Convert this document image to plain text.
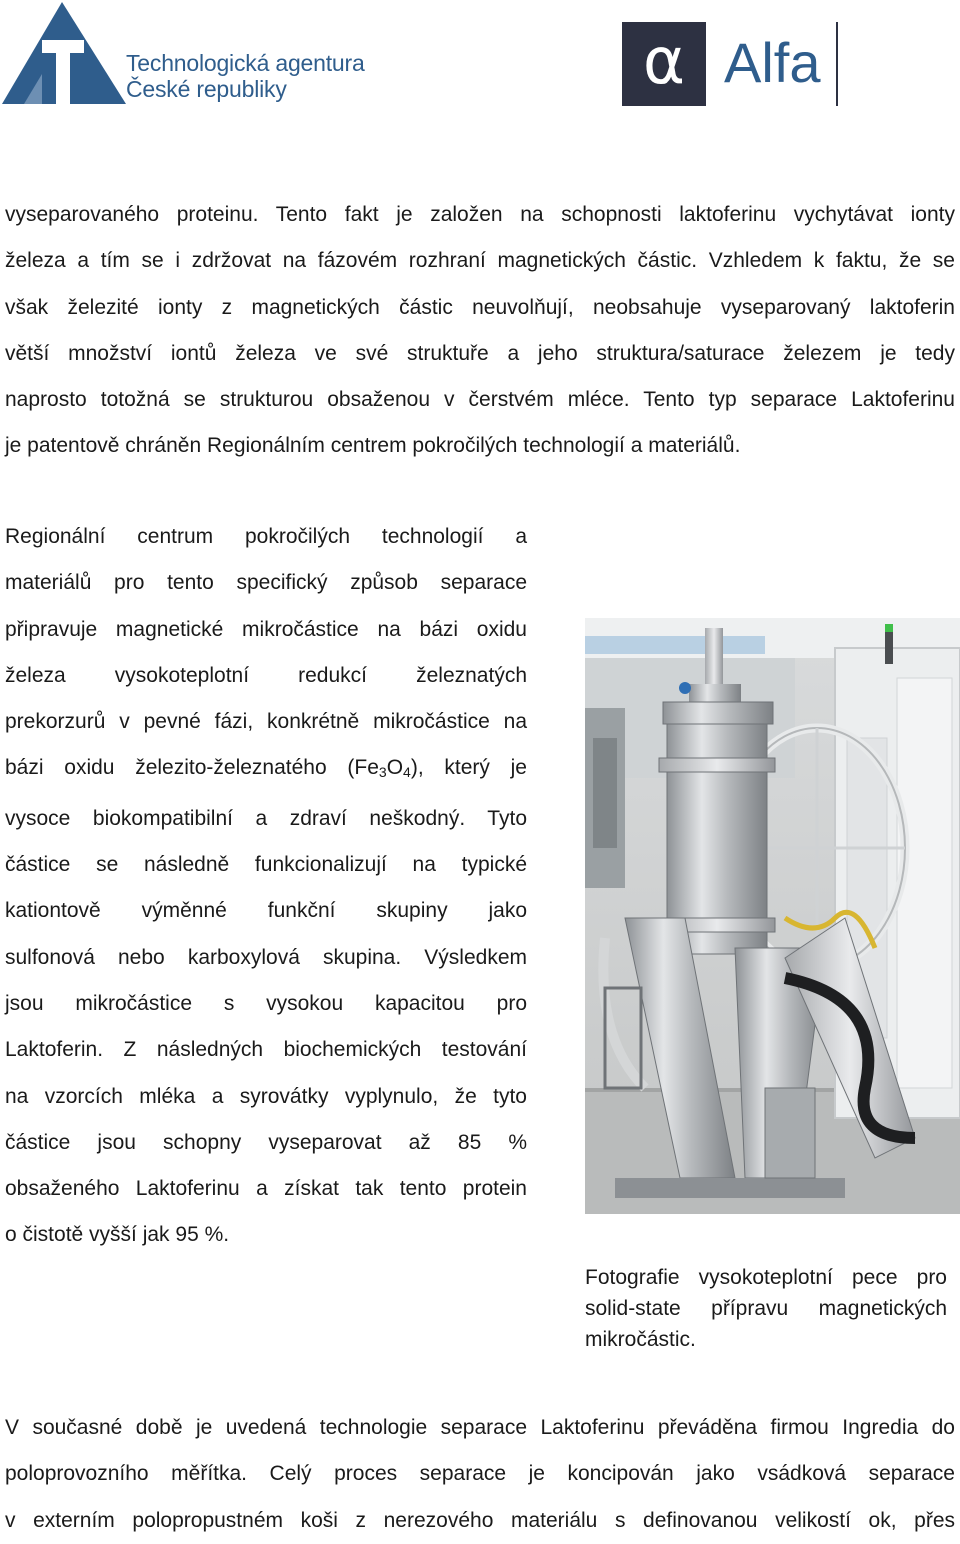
Technologická agentura
České republiky	α Alfa
vyseparovaného proteinu. Tento fakt je založen na schopnosti laktoferinu vychytávat ionty
železa a tím se i zdržovat na fázovém rozhraní magnetických částic. Vzhledem k faktu, že se
však železité ionty z magnetických částic neuvolňují, neobsahuje vyseparovaný laktoferin
větší množství iontů železa ve své struktuře a jeho struktura/saturace železem je tedy
naprosto totožná se strukturou obsaženou v čerstvém mléce. Tento typ separace Laktoferinu
je patentově chráněn Regionálním centrem pokročilých technologií a materiálů.
Regionální centrum pokročilých technologií a
materiálů pro tento specifický způsob separace
připravuje magnetické mikročástice na bázi oxidu
železa vysokoteplotní redukcí železnatých
prekorzurů v pevné fázi, konkrétně mikročástice na
bázi oxidu železito-železnatého $(Fe_3O_4)$, který je
vysoce biokompatibilní a zdraví neškodný. Tyto
částice se následně funkcionalizují na typické
kationtově výměnné funkční skupiny jako
sulfonová nebo karboxylová skupina. Výsledkem
jsou mikročástice s vysokou kapacitou pro
Laktoferin. Z následných biochemických testování
na vzorcích mléka a syrovátky vyplynulo, že tyto
částice jsou schopny vyseparovat až 85 %
obsaženého Laktoferinu a získat tak tento protein
o čistotě vyšší jak 95 %.
Fotografie vysokoteplotní pece pro solid-state přípravu magnetických mikročástic.
V současné době je uvedená technologie separace Laktoferinu převáděna firmou Ingredia do
poloprovozního měřítka. Celý proces separace je koncipován jako vsádková separace
v externím polopropustném koši z nerezového materiálu s definovanou velikostí ok, přes
